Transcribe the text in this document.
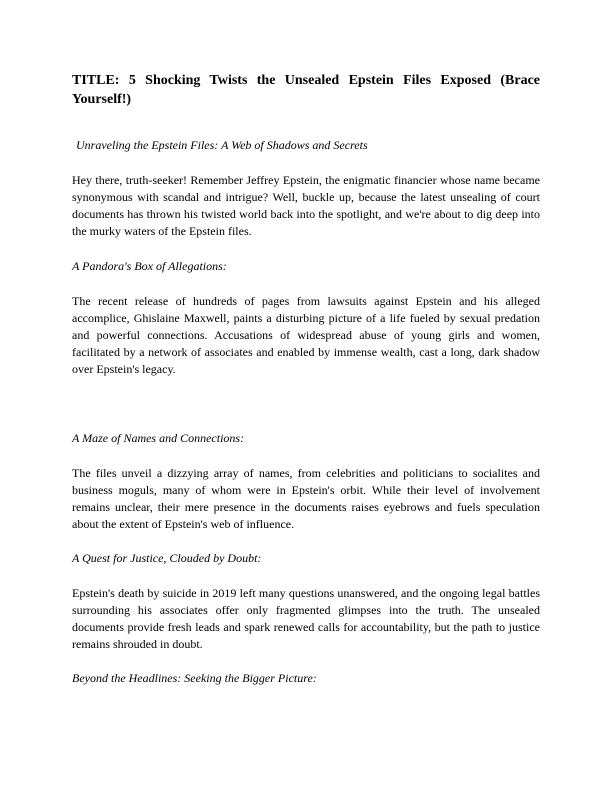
TITLE: 5 Shocking Twists the Unsealed Epstein Files Exposed (Brace Yourself!)

Unraveling the Epstein Files: A Web of Shadows and Secrets

Hey there, truth-seeker! Remember Jeffrey Epstein, the enigmatic financier whose name became synonymous with scandal and intrigue? Well, buckle up, because the latest unsealing of court documents has thrown his twisted world back into the spotlight, and we're about to dig deep into the murky waters of the Epstein files.

A Pandora's Box of Allegations:

The recent release of hundreds of pages from lawsuits against Epstein and his alleged accomplice, Ghislaine Maxwell, paints a disturbing picture of a life fueled by sexual predation and powerful connections. Accusations of widespread abuse of young girls and women, facilitated by a network of associates and enabled by immense wealth, cast a long, dark shadow over Epstein's legacy.

A Maze of Names and Connections:

The files unveil a dizzying array of names, from celebrities and politicians to socialites and business moguls, many of whom were in Epstein's orbit. While their level of involvement remains unclear, their mere presence in the documents raises eyebrows and fuels speculation about the extent of Epstein's web of influence.

A Quest for Justice, Clouded by Doubt:

Epstein's death by suicide in 2019 left many questions unanswered, and the ongoing legal battles surrounding his associates offer only fragmented glimpses into the truth. The unsealed documents provide fresh leads and spark renewed calls for accountability, but the path to justice remains shrouded in doubt.

Beyond the Headlines: Seeking the Bigger Picture:
